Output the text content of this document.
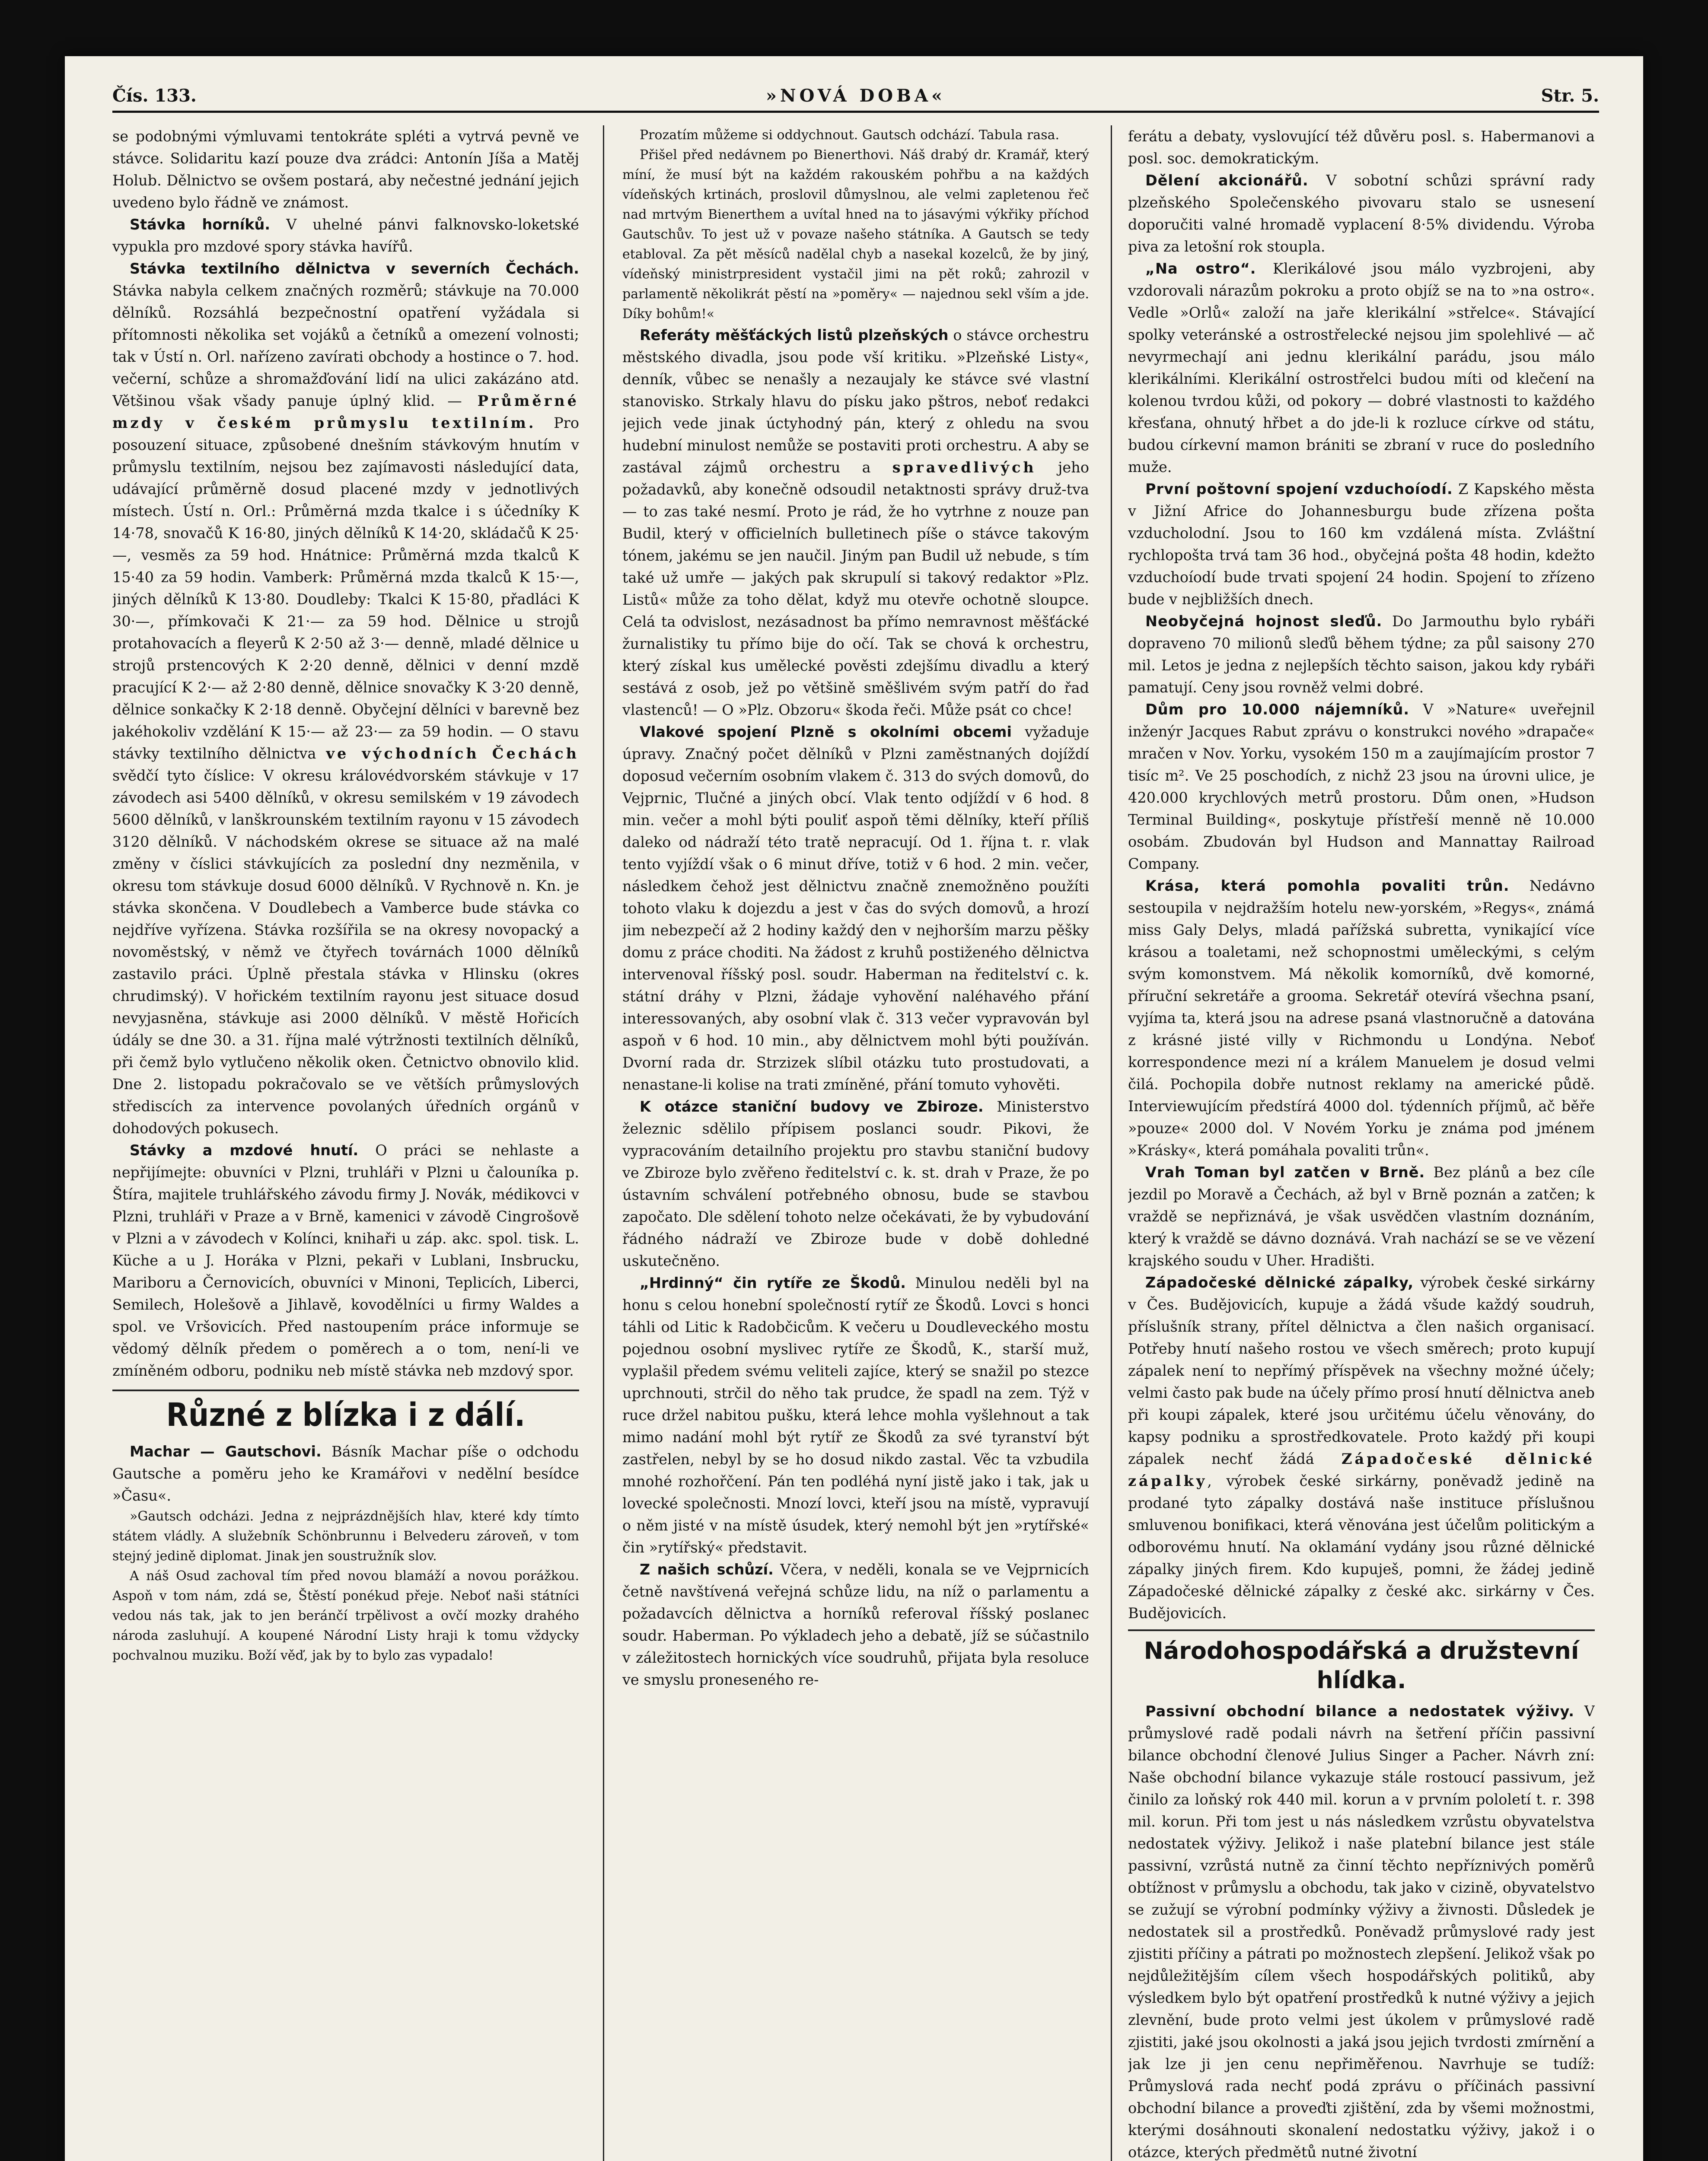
Čís. 133.	»NOVÁ DOBA«	Str. 5.

se podobnými výmluvami tentokráte spléti a vytrvá pevně ve stávce. Solidaritu kazí pouze dva zrádci: Antonín Jíša a Matěj Holub. Dělnictvo se ovšem postará, aby nečestné jednání jejich uvedeno bylo řádně ve známost.

Stávka horníků. V uhelné pánvi falknovsko-loketské vypukla pro mzdové spory stávka havířů.

Stávka textilního dělnictva v severních Čechách. Stávka nabyla celkem značných rozměrů; stávkuje na 70.000 dělníků. Rozsáhlá bezpečnostní opatření vyžádala si přítomnosti několika set vojáků a četníků a omezení volnosti; tak v Ústí n. Orl. nařízeno zavírati obchody a hostince o 7. hod. večerní, schůze a shromažďování lidí na ulici zakázáno atd. Většinou však všady panuje úplný klid. — Průměrné mzdy v českém průmyslu textilním. Pro posouzení situace, způsobené dnešním stávkovým hnutím v průmyslu textilním, nejsou bez zajímavosti následující data, udávající průměrně dosud placené mzdy v jednotlivých místech. Ústí n. Orl.: Průměrná mzda tkalce i s účedníky K 14·78, snovačů K 16·80, jiných dělníků K 14·20, skládačů K 25·—, vesměs za 59 hod. Hnátnice: Průměrná mzda tkalců K 15·40 za 59 hodin. Vamberk: Průměrná mzda tkalců K 15·—, jiných dělníků K 13·80. Doudleby: Tkalci K 15·80, přadláci K 30·—, přímkovači K 21·— za 59 hod. Dělnice u strojů protahovacích a fleyerů K 2·50 až 3·— denně, mladé dělnice u strojů prstencových K 2·20 denně, dělnici v denní mzdě pracující K 2·— až 2·80 denně, dělnice snovačky K 3·20 denně, dělnice sonkačky K 2·18 denně. Obyčejní dělníci v barevně bez jakéhokoliv vzdělání K 15·— až 23·— za 59 hodin. — O stavu stávky textilního dělnictva ve východních Čechách svědčí tyto číslice: V okresu královédvorském stávkuje v 17 závodech asi 5400 dělníků, v okresu semilském v 19 závodech 5600 dělníků, v lanškrounském textilním rayonu v 15 závodech 3120 dělníků. V náchodském okrese se situace až na malé změny v číslici stávkujících za poslední dny nezměnila, v okresu tom stávkuje dosud 6000 dělníků. V Rychnově n. Kn. je stávka skončena. V Doudlebech a Vamberce bude stávka co nejdříve vyřízena. Stávka rozšířila se na okresy novopacký a novoměstský, v němž ve čtyřech továrnách 1000 dělníků zastavilo práci. Úplně přestala stávka v Hlinsku (okres chrudimský). V hořickém textilním rayonu jest situace dosud nevyjasněna, stávkuje asi 2000 dělníků. V městě Hořicích údály se dne 30. a 31. října malé výtržnosti textilních dělníků, při čemž bylo vytlučeno několik oken. Četnictvo obnovilo klid. Dne 2. listopadu pokračovalo se ve větších průmyslových střediscích za intervence povolaných úředních orgánů v dohodových pokusech.

Stávky a mzdové hnutí. O práci se nehlaste a nepřijímejte: obuvníci v Plzni, truhláři v Plzni u čalouníka p. Štíra, majitele truhlářského závodu firmy J. Novák, médikovci v Plzni, truhláři v Praze a v Brně, kamenici v závodě Cingrošově v Plzni a v závodech v Kolínci, knihaři u záp. akc. spol. tisk. L. Küche a u J. Horáka v Plzni, pekaři v Lublani, Insbrucku, Mariboru a Černovicích, obuvníci v Minoni, Teplicích, Liberci, Semilech, Holešově a Jihlavě, kovodělníci u firmy Waldes a spol. ve Vršovicích. Před nastoupením práce informuje se vědomý dělník předem o poměrech a o tom, není-li ve zmíněném odboru, podniku neb místě stávka neb mzdový spor.

Různé z blízka i z dálí.

Machar — Gautschovi. Básník Machar píše o odchodu Gautsche a poměru jeho ke Kramářovi v nedělní besídce »Času«.

»Gautsch odcházi. Jedna z nejprázdnějších hlav, které kdy tímto státem vládly. A služebník Schönbrunnu i Belvederu zároveň, v tom stejný jedině diplomat. Jinak jen soustružník slov.

A náš Osud zachoval tím před novou blamáží a novou porážkou. Aspoň v tom nám, zdá se, Štěstí ponékud přeje. Neboť naši státníci vedou nás tak, jak to jen beránčí trpělivost a ovčí mozky drahého národa zasluhují. A koupené Národní Listy hraji k tomu vždycky pochvalnou muziku. Boží věď, jak by to bylo zas vypadalo!

Prozatím můžeme si oddychnout. Gautsch odchází. Tabula rasa.

Přišel před nedávnem po Bienerthovi. Náš drabý dr. Kramář, který míní, že musí být na každém rakouském pohřbu a na každých vídeňských krtinách, proslovil důmyslnou, ale velmi zapletenou řeč nad mrtvým Bienerthem a uvítal hned na to jásavými výkřiky příchod Gautschův. To jest už v povaze našeho státníka. A Gautsch se tedy etabloval. Za pět měsíců nadělal chyb a nasekal kozelců, že by jiný, vídeňský ministrpresident vystačil jimi na pět roků; zahrozil v parlamentě několikrát pěstí na »poměry« — najednou sekl vším a jde. Díky bohům!«

Referáty měšťáckých listů plzeňských o stávce orchestru městského divadla, jsou pode vší kritiku. »Plzeňské Listy«, denník, vůbec se nenašly a nezaujaly ke stávce své vlastní stanovisko. Strkaly hlavu do písku jako pštros, neboť redakci jejich vede jinak úctyhodný pán, který z ohledu na svou hudební minulost nemůže se postaviti proti orchestru. A aby se zastával zájmů orchestru a spravedlivých jeho požadavků, aby konečně odsoudil netaktnosti správy druž-tva — to zas také nesmí. Proto je rád, že ho vytrhne z nouze pan Budil, který v officielních bulletinech píše o stávce takovým tónem, jakému se jen naučil. Jiným pan Budil už nebude, s tím také už umře — jakých pak skrupulí si takový redaktor »Plz. Listů« může za toho dělat, když mu otevře ochotně sloupce. Celá ta odvislost, nezásadnost ba přímo nemravnost měšťácké žurnalistiky tu přímo bije do očí. Tak se chová k orchestru, který získal kus umělecké pověsti zdejšímu divadlu a který sestává z osob, jež po většině směšlivém svým patří do řad vlastenců! — O »Plz. Obzoru« škoda řeči. Může psát co chce!

Vlakové spojení Plzně s okolními obcemi vyžaduje úpravy. Značný počet dělníků v Plzni zaměstnaných dojíždí doposud večerním osobním vlakem č. 313 do svých domovů, do Vejprnic, Tlučné a jiných obcí. Vlak tento odjíždí v 6 hod. 8 min. večer a mohl býti pouliť aspoň těmi dělníky, kteří příliš daleko od nádraží této tratě nepracují. Od 1. října t. r. vlak tento vyjíždí však o 6 minut dříve, totiž v 6 hod. 2 min. večer, následkem čehož jest dělnictvu značně znemožněno použíti tohoto vlaku k dojezdu a jest v čas do svých domovů, a hrozí jim nebezpečí až 2 hodiny každý den v nejhorším marzu pěšky domu z práce choditi. Na žádost z kruhů postiženého dělnictva intervenoval říšský posl. soudr. Haberman na ředitelství c. k. státní dráhy v Plzni, žádaje vyhovění naléhavého přání interessovaných, aby osobní vlak č. 313 večer vypravován byl aspoň v 6 hod. 10 min., aby dělnictvem mohl býti používán. Dvorní rada dr. Strzizek slíbil otázku tuto prostudovati, a nenastane-li kolise na trati zmíněné, přání tomuto vyhověti.

K otázce staniční budovy ve Zbiroze. Ministerstvo železnic sdělilo přípisem poslanci soudr. Pikovi, že vypracováním detailního projektu pro stavbu staniční budovy ve Zbiroze bylo zvěřeno ředitelství c. k. st. drah v Praze, že po ústavním schválení potřebného obnosu, bude se stavbou započato. Dle sdělení tohoto nelze očekávati, že by vybudování řádného nádraží ve Zbiroze bude v době dohledné uskutečněno.

„Hrdinný“ čin rytíře ze Škodů. Minulou neděli byl na honu s celou honební společností rytíř ze Škodů. Lovci s honci táhli od Litic k Radobčicům. K večeru u Doudleveckého mostu pojednou osobní myslivec rytíře ze Škodů, K., starší muž, vyplašil předem svému veliteli zajíce, který se snažil po stezce uprchnouti, strčil do něho tak prudce, že spadl na zem. Týž v ruce držel nabitou pušku, která lehce mohla vyšlehnout a tak mimo nadání mohl být rytíř ze Škodů za své tyranství být zastřelen, nebyl by se ho dosud nikdo zastal. Věc ta vzbudila mnohé rozhořčení. Pán ten podléhá nyní jistě jako i tak, jak u lovecké společnosti. Mnozí lovci, kteří jsou na místě, vypravují o něm jisté v na místě úsudek, který nemohl být jen »rytířské« čin »rytířský« představit.

Z našich schůzí. Včera, v neděli, konala se ve Vejprnicích četně navštívená veřejná schůze lidu, na níž o parlamentu a požadavcích dělnictva a horníků referoval říšský poslanec soudr. Haberman. Po výkladech jeho a debatě, jíž se súčastnilo v záležitostech hornických více soudruhů, přijata byla resoluce ve smyslu proneseného re-

ferátu a debaty, vyslovující též důvěru posl. s. Habermanovi a posl. soc. demokratickým.

Dělení akcionářů. V sobotní schůzi správní rady plzeňského Společenského pivovaru stalo se usnesení doporučiti valné hromadě vyplacení 8·5% dividendu. Výroba piva za letošní rok stoupla.

„Na ostro“. Klerikálové jsou málo vyzbrojeni, aby vzdorovali nárazům pokroku a proto objíž se na to »na ostro«. Vedle »Orlů« založí na jaře klerikální »střelce«. Stávající spolky veteránské a ostrostřelecké nejsou jim spolehlivé — ač nevyrmechají ani jednu klerikální parádu, jsou málo klerikálními. Klerikální ostrostřelci budou míti od klečení na kolenou tvrdou kůži, od pokory — dobré vlastnosti to každého křesťana, ohnutý hřbet a do jde-li k rozluce církve od státu, budou církevní mamon brániti se zbraní v ruce do posledního muže.

První poštovní spojení vzduchoíodí. Z Kapského města v Jižní Africe do Johannesburgu bude zřízena pošta vzducholodní. Jsou to 160 km vzdálená místa. Zvláštní rychlopošta trvá tam 36 hod., obyčejná pošta 48 hodin, kdežto vzduchoíodí bude trvati spojení 24 hodin. Spojení to zřízeno bude v nejbližších dnech.

Neobyčejná hojnost sleďů. Do Jarmouthu bylo rybáři dopraveno 70 milionů sleďů během týdne; za půl saisony 270 mil. Letos je jedna z nejlepších těchto saison, jakou kdy rybáři pamatují. Ceny jsou rovněž velmi dobré.

Dům pro 10.000 nájemníků. V »Nature« uveřejnil inženýr Jacques Rabut zprávu o konstrukci nového »drapače« mračen v Nov. Yorku, vysokém 150 m a zaujímajícím prostor 7 tisíc m². Ve 25 poschodích, z nichž 23 jsou na úrovni ulice, je 420.000 krychlových metrů prostoru. Dům onen, »Hudson Terminal Building«, poskytuje přístřeší menně ně 10.000 osobám. Zbudován byl Hudson and Mannattay Railroad Company.

Krása, která pomohla povaliti trůn. Nedávno sestoupila v nejdražším hotelu new-yorském, »Regys«, známá miss Galy Delys, mladá pařížská subretta, vynikající více krásou a toaletami, než schopnostmi uměleckými, s celým svým komonstvem. Má několik komorníků, dvě komorné, příruční sekretáře a grooma. Sekretář otevírá všechna psaní, vyjíma ta, která jsou na adrese psaná vlastnoručně a datována z krásné jisté villy v Richmondu u Londýna. Neboť korrespondence mezi ní a králem Manuelem je dosud velmi čilá. Pochopila dobře nutnost reklamy na americké půdě. Interviewujícím předstírá 4000 dol. týdenních příjmů, ač běře »pouze« 2000 dol. V Novém Yorku je známa pod jménem »Krásky«, která pomáhala povaliti trůn«.

Vrah Toman byl zatčen v Brně. Bez plánů a bez cíle jezdil po Moravě a Čechách, až byl v Brně poznán a zatčen; k vraždě se nepřiznává, je však usvědčen vlastním doznáním, který k vraždě se dávno doznává. Vrah nachází se se ve vězení krajského soudu v Uher. Hradišti.

Západočeské dělnické zápalky, výrobek české sirkárny v Čes. Budějovicích, kupuje a žádá všude každý soudruh, příslušník strany, přítel dělnictva a člen našich organisací. Potřeby hnutí našeho rostou ve všech směrech; proto kupují zápalek není to nepřímý příspěvek na všechny možné účely; velmi často pak bude na účely přímo prosí hnutí dělnictva aneb při koupi zápalek, které jsou určitému účelu věnovány, do kapsy podniku a sprostředkovatele. Proto každý při koupi zápalek nechť žádá Západočeské dělnické zápalky, výrobek české sirkárny, poněvadž jedině na prodané tyto zápalky dostává naše instituce příslušnou smluvenou bonifikaci, která věnována jest účelům politickým a odborovému hnutí. Na oklamání vydány jsou různé dělnické zápalky jiných firem. Kdo kupuješ, pomni, že žádej jedině Západočeské dělnické zápalky z české akc. sirkárny v Čes. Budějovicích.

Národohospodářská a družstevní hlídka.

Passivní obchodní bilance a nedostatek výživy. V průmyslové radě podali návrh na šetření příčin passivní bilance obchodní členové Julius Singer a Pacher. Návrh zní: Naše obchodní bilance vykazuje stále rostoucí passivum, jež činilo za loňský rok 440 mil. korun a v prvním pololetí t. r. 398 mil. korun. Při tom jest u nás následkem vzrůstu obyvatelstva nedostatek výživy. Jelikož i naše platební bilance jest stále passivní, vzrůstá nutně za činní těchto nepříznivých poměrů obtížnost v průmyslu a obchodu, tak jako v cizině, obyvatelstvo se zužují se výrobní podmínky výživy a živnosti. Důsledek je nedostatek sil a prostředků. Poněvadž průmyslové rady jest zjistiti příčiny a pátrati po možnostech zlepšení. Jelikož však po nejdůležitějším cílem všech hospodářských politiků, aby výsledkem bylo být opatření prostředků k nutné výživy a jejich zlevnění, bude proto velmi jest úkolem v průmyslové radě zjistiti, jaké jsou okolnosti a jaká jsou jejich tvrdosti zmírnění a jak lze ji jen cenu nepřiměřenou. Navrhuje se tudíž: Průmyslová rada nechť podá zprávu o příčinách passivní obchodní bilance a proveďti zjištění, zda by všemi možnostmi, kterými dosáhnouti skonalení nedostatku výživy, jakož i o otázce, kterých předmětů nutné životní
